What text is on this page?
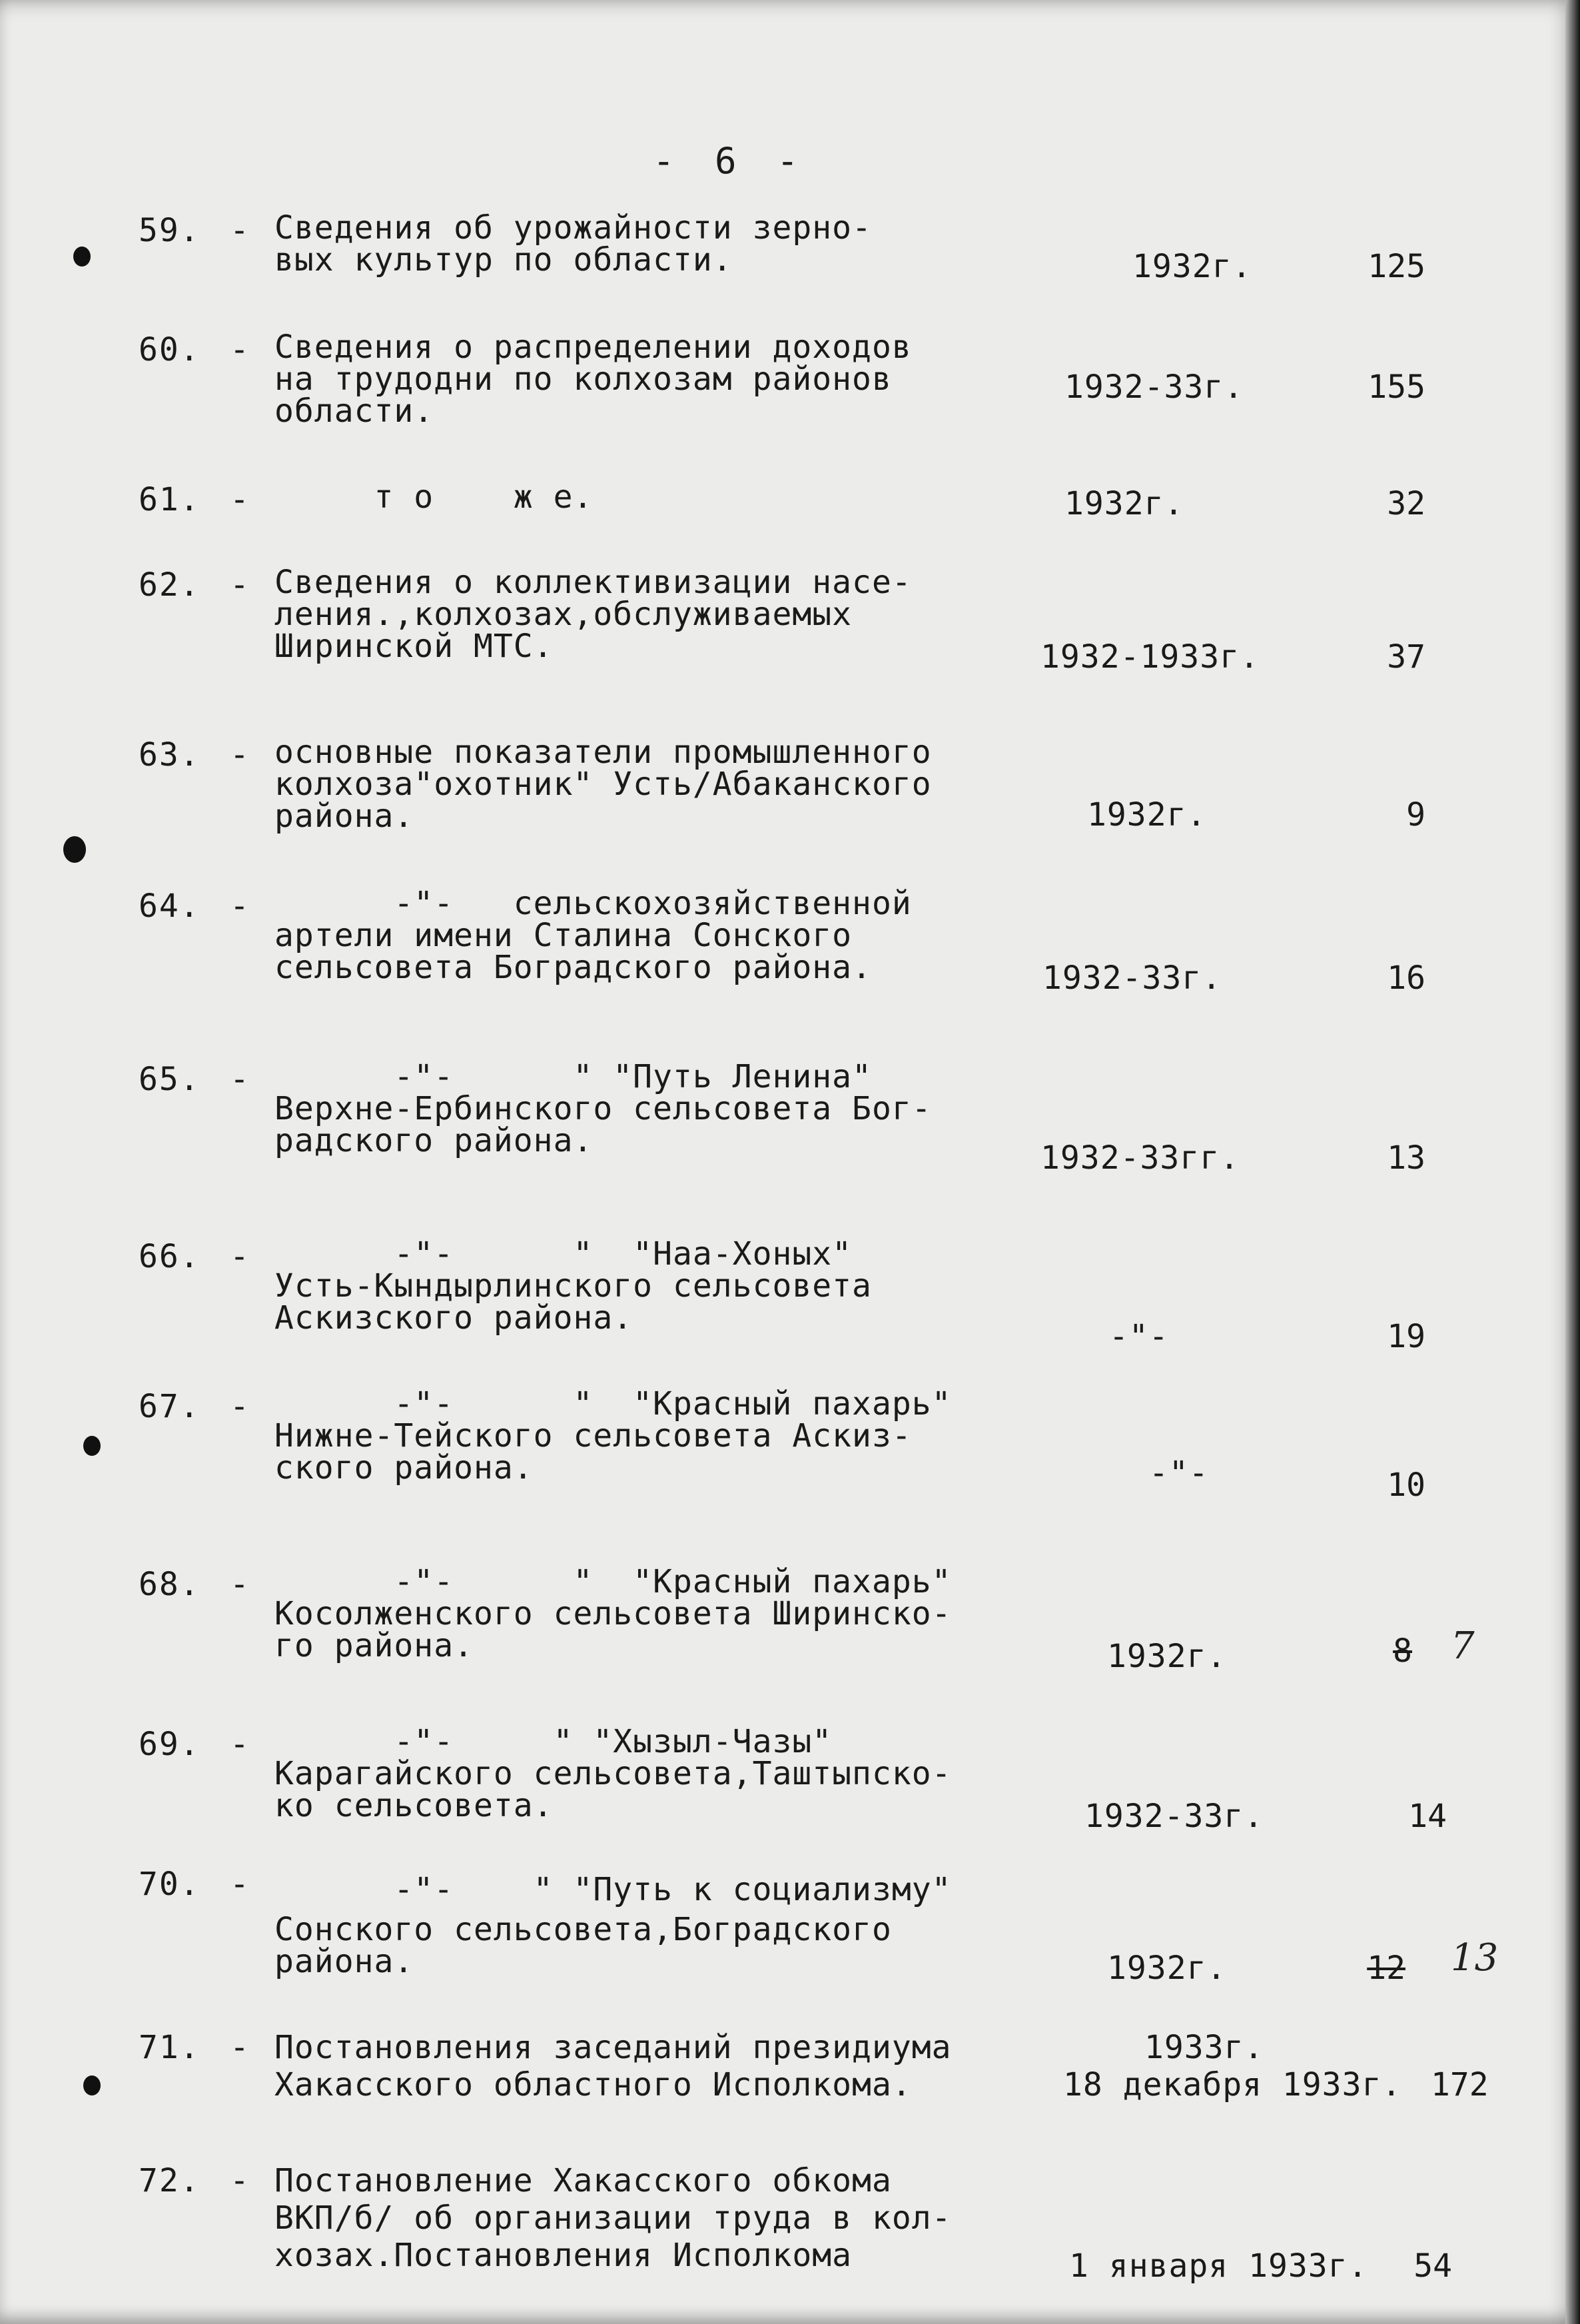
- 6 -
59. - Сведения об урожайности зерно-
вых культур по области.	1932г.	125
60. - Сведения о распределении доходов
на трудодни по колхозам районов
области.
1932-33г.	155
61. - т о    ж е.	1932г.	32
62. - Сведения о коллективизации насе-
ления.,колхозах,обслуживаемых
Ширинской МТС.	1932-1933г.	37
63. - основные показатели промышленного
колхоза"охотник" Усть/Абаканского
района.	1932г.	9
64. - -"-   сельскохозяйственной
артели имени Сталина Сонского
сельсовета Боградского района.	1932-33г.	16
65. - -"-      " "Путь Ленина"
Верхне-Ербинского сельсовета Бог-
радского района.	1932-33гг.	13
66. - -"-      "  "Наа-Хоных"
Усть-Кындырлинского сельсовета
Аскизского района.	-"-	19
67. - -"-      "  "Красный пахарь"
Нижне-Тейского сельсовета Аскиз-
ского района.	-"-	10
68. - -"-      "  "Красный пахарь"
Косолженского сельсовета Ширинско-
го района.	1932г.	8 7
69. - -"-     " "Хызыл-Чазы"
Карагайского сельсовета,Таштыпско-
ко сельсовета.	1932-33г.	14
70. - -"-    " "Путь к социализму"
Сонского сельсовета,Боградского
района.	1932г.	12 13
71. - Постановления заседаний президиума
Хакасского областного Исполкома.
1933г.
18 декабря 1933г. 172
72. - Постановление Хакасского обкома
ВКП/б/ об организации труда в кол-
хозах.Постановления Исполкома	1 января 1933г.	54
